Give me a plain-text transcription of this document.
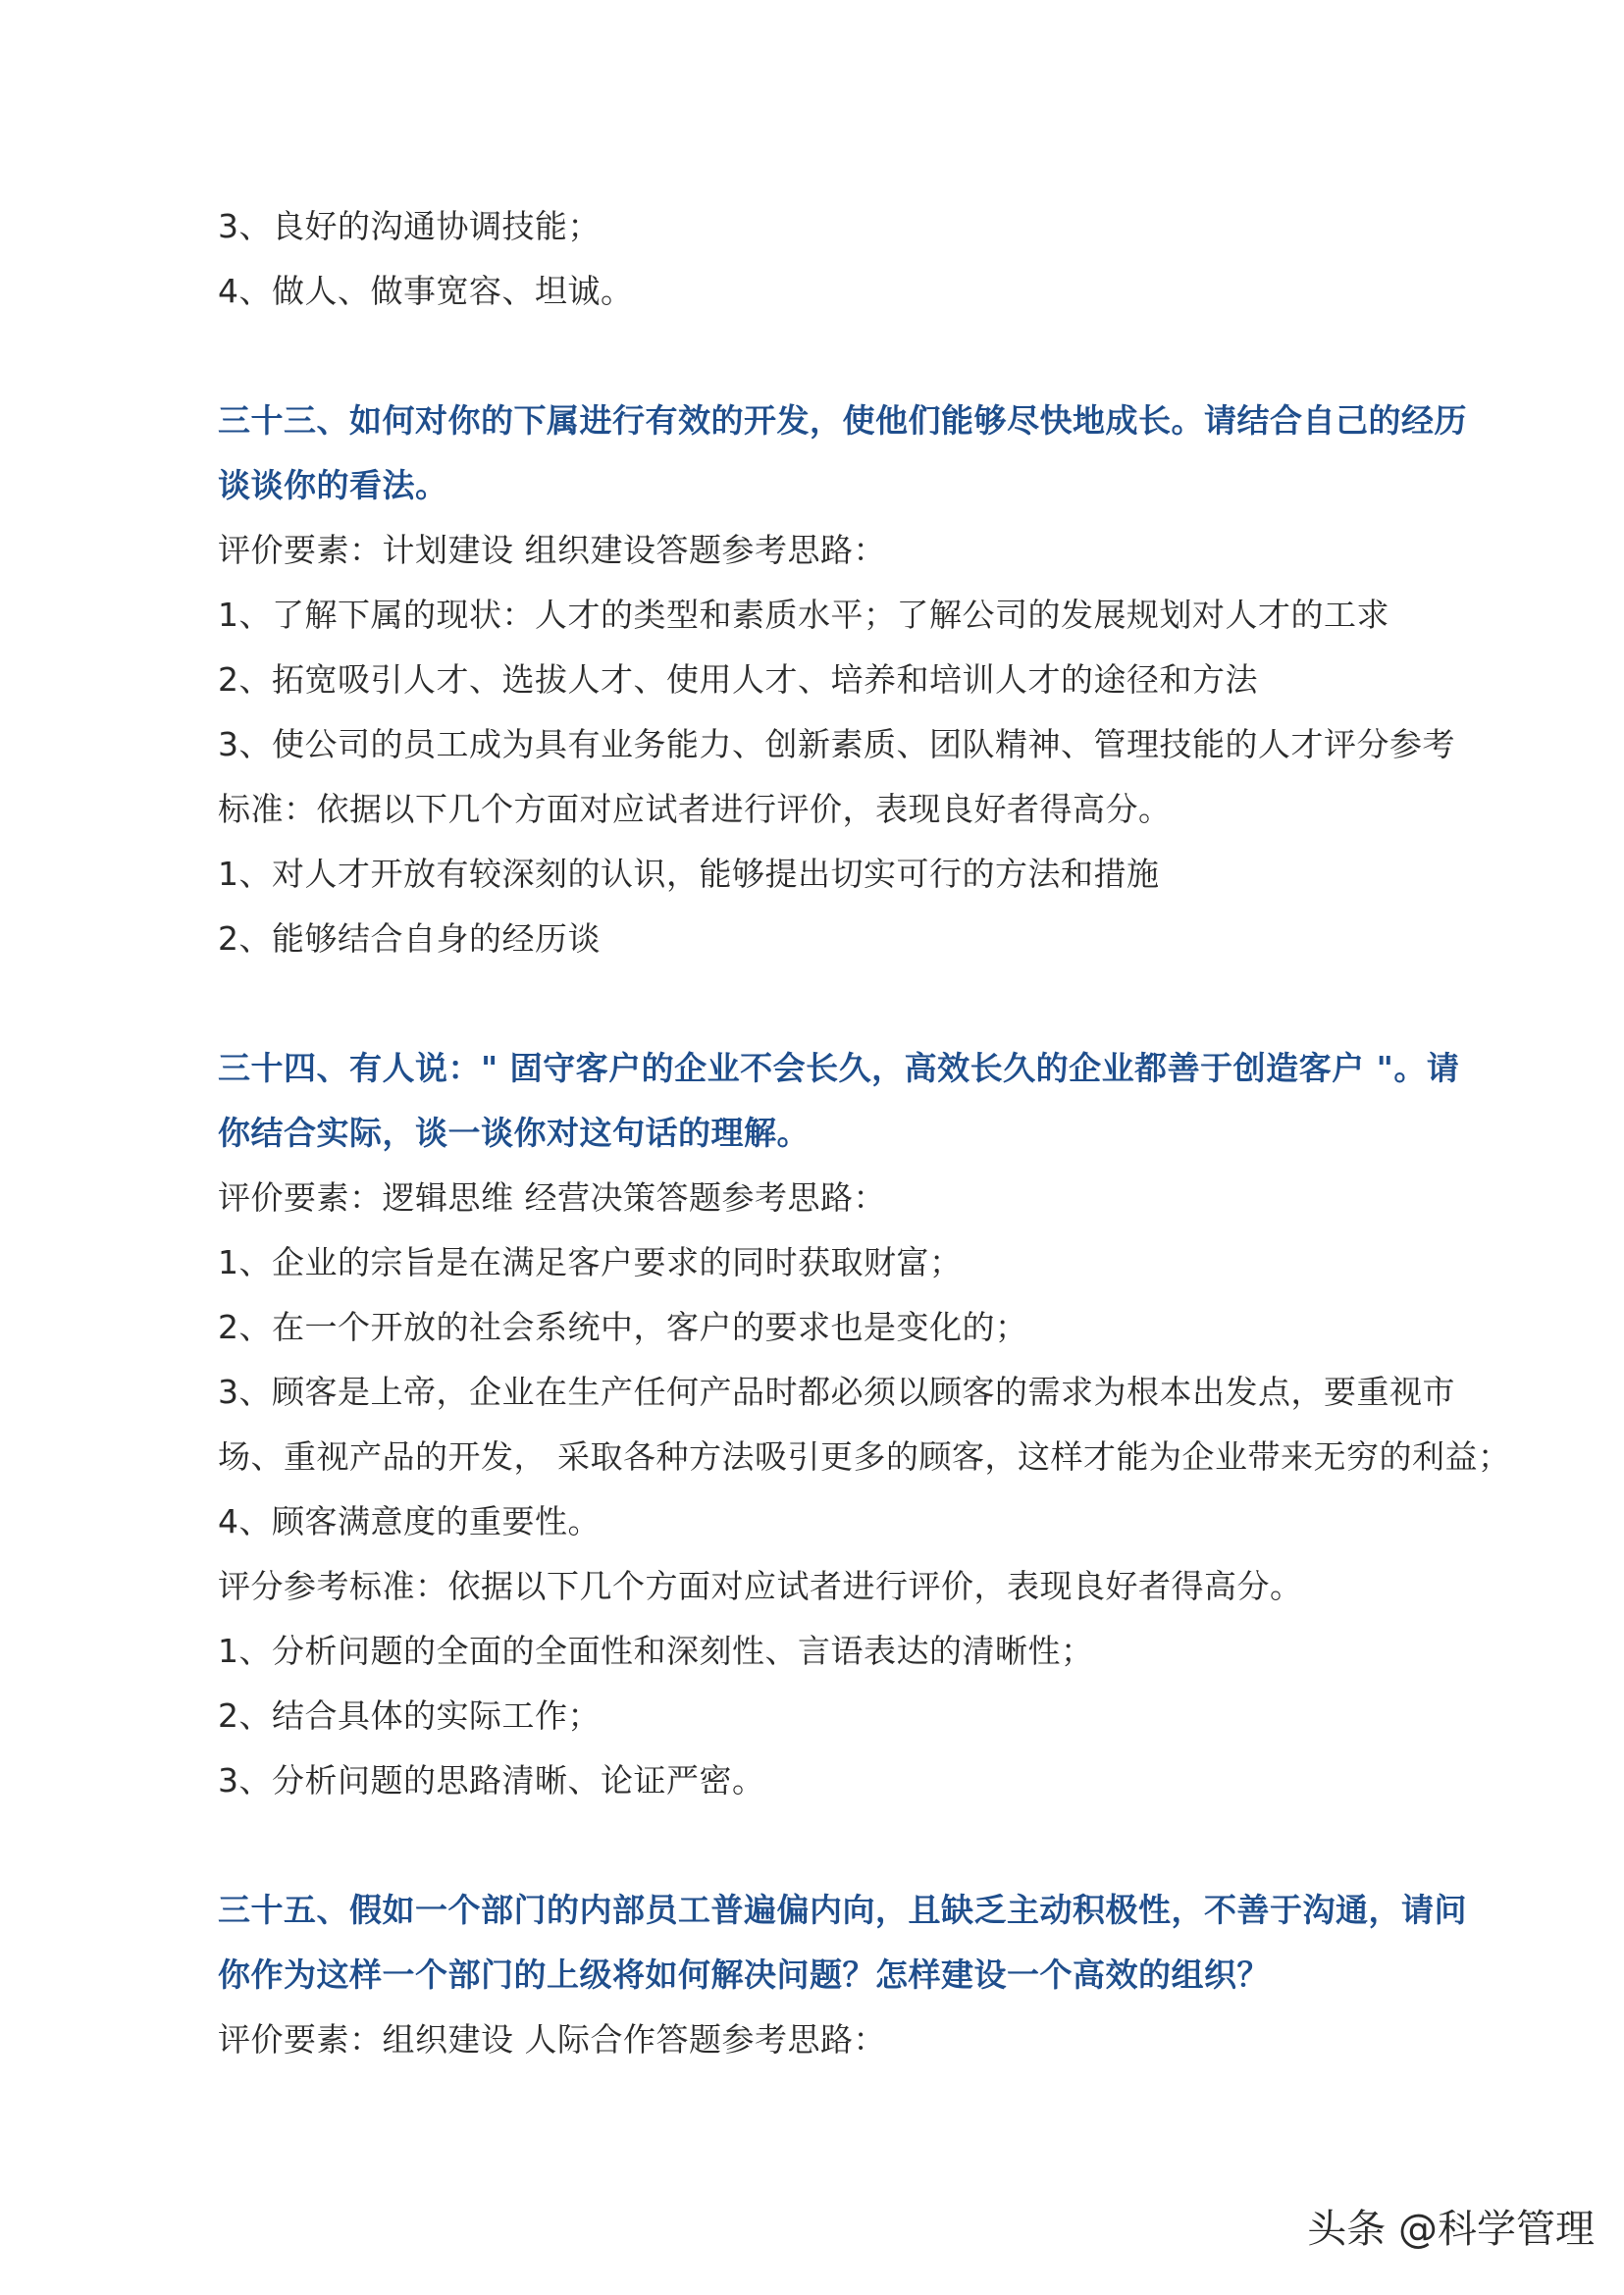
3、良好的沟通协调技能；
4、做人、做事宽容、坦诚。
三十三、如何对你的下属进行有效的开发，使他们能够尽快地成长。请结合自己的经历
谈谈你的看法。
评价要素：计划建设 组织建设答题参考思路：
1、了解下属的现状：人才的类型和素质水平；了解公司的发展规划对人才的工求
2、拓宽吸引人才、选拔人才、使用人才、培养和培训人才的途径和方法
3、使公司的员工成为具有业务能力、创新素质、团队精神、管理技能的人才评分参考
标准：依据以下几个方面对应试者进行评价，表现良好者得高分。
1、对人才开放有较深刻的认识，能够提出切实可行的方法和措施
2、能够结合自身的经历谈
三十四、有人说：" 固守客户的企业不会长久，高效长久的企业都善于创造客户 "。请
你结合实际，谈一谈你对这句话的理解。
评价要素：逻辑思维 经营决策答题参考思路：
1、企业的宗旨是在满足客户要求的同时获取财富；
2、在一个开放的社会系统中，客户的要求也是变化的；
3、顾客是上帝，企业在生产任何产品时都必须以顾客的需求为根本出发点，要重视市
场、重视产品的开发， 采取各种方法吸引更多的顾客，这样才能为企业带来无穷的利益；
4、顾客满意度的重要性。
评分参考标准：依据以下几个方面对应试者进行评价，表现良好者得高分。
1、分析问题的全面的全面性和深刻性、言语表达的清晰性；
2、结合具体的实际工作；
3、分析问题的思路清晰、论证严密。
三十五、假如一个部门的内部员工普遍偏内向，且缺乏主动积极性，不善于沟通，请问
你作为这样一个部门的上级将如何解决问题？怎样建设一个高效的组织？
评价要素：组织建设 人际合作答题参考思路：
头条 @科学管理
